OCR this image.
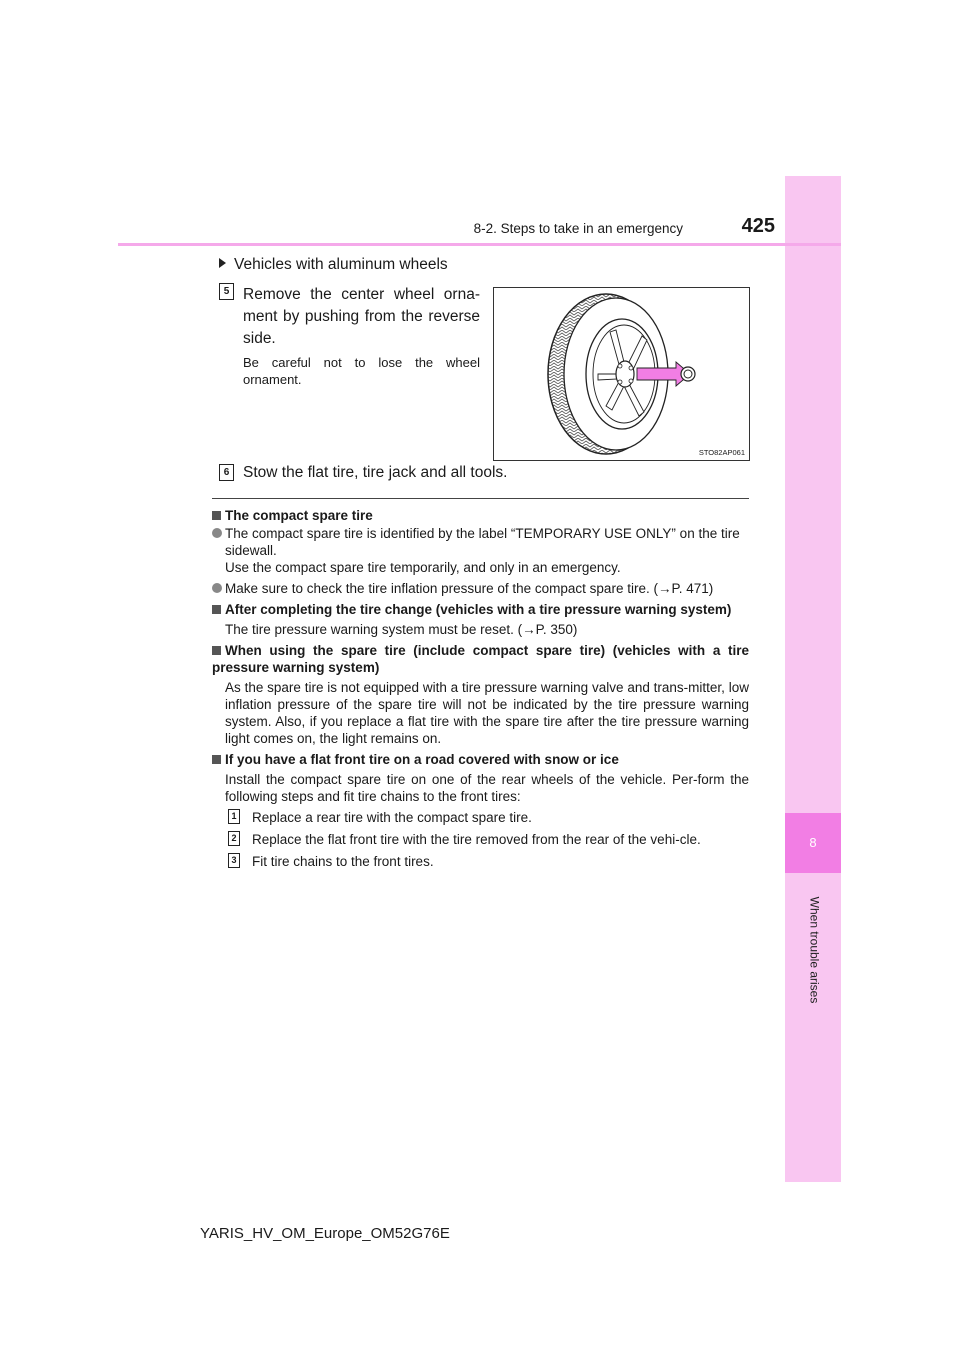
8
When trouble arises
8-2. Steps to take in an emergency	425
Vehicles with aluminum wheels
5 Remove the center wheel orna-ment by pushing from the reverse side.
Be careful not to lose the wheel ornament.
STO82AP061
6 Stow the flat tire, tire jack and all tools.
The compact spare tire
The compact spare tire is identified by the label “TEMPORARY USE ONLY” on the tire sidewall.
Use the compact spare tire temporarily, and only in an emergency.
Make sure to check the tire inflation pressure of the compact spare tire. (→P. 471)
After completing the tire change (vehicles with a tire pressure warning system)
The tire pressure warning system must be reset. (→P. 350)
When using the spare tire (include compact spare tire) (vehicles with a tire pressure warning system)
As the spare tire is not equipped with a tire pressure warning valve and trans-mitter, low inflation pressure of the spare tire will not be indicated by the tire pressure warning system. Also, if you replace a flat tire with the spare tire after the tire pressure warning light comes on, the light remains on.
If you have a flat front tire on a road covered with snow or ice
Install the compact spare tire on one of the rear wheels of the vehicle. Per-form the following steps and fit tire chains to the front tires:
1 Replace a rear tire with the compact spare tire.
2 Replace the flat front tire with the tire removed from the rear of the vehi-cle.
3 Fit tire chains to the front tires.
YARIS_HV_OM_Europe_OM52G76E
